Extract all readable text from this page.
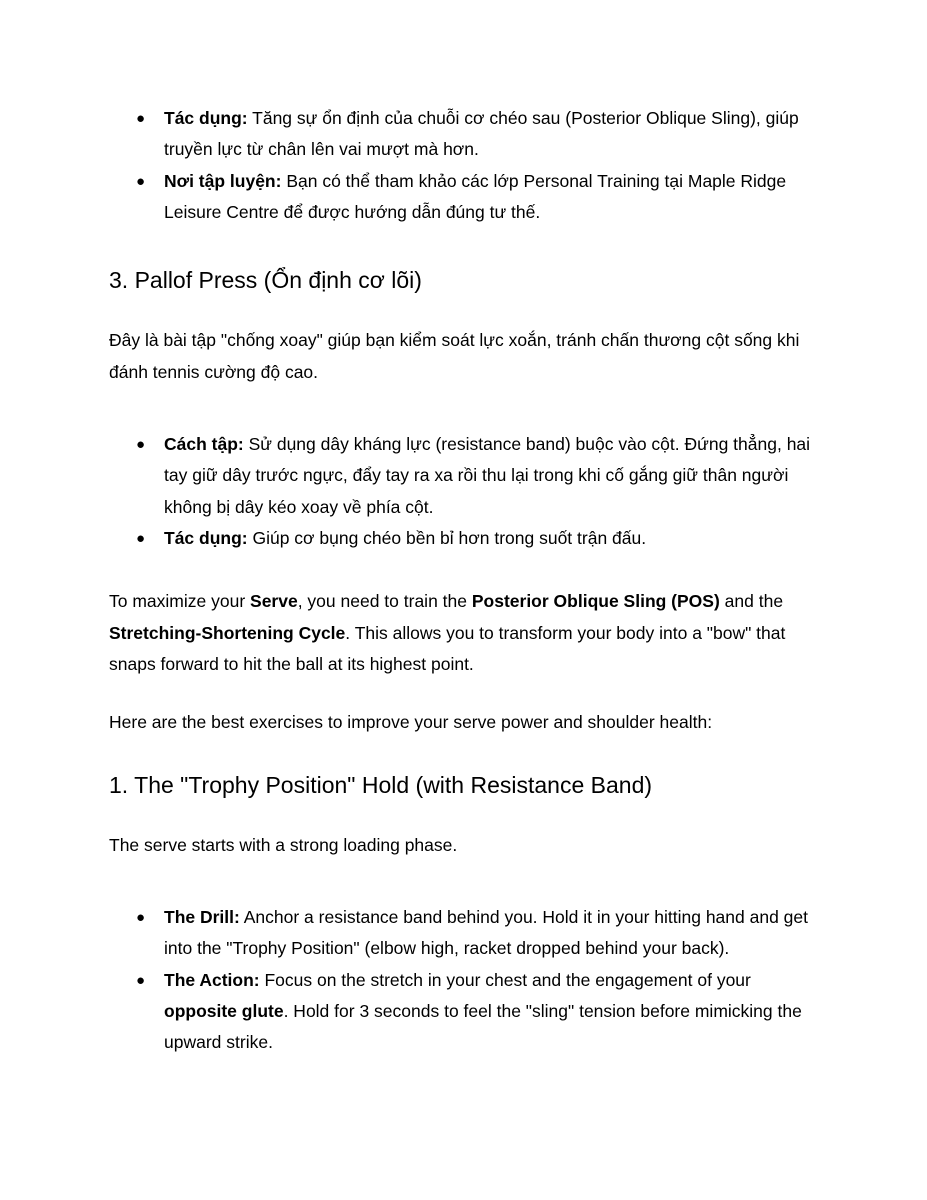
● Tác dụng: Tăng sự ổn định của chuỗi cơ chéo sau (Posterior Oblique Sling), giúp truyền lực từ chân lên vai mượt mà hơn.
● Nơi tập luyện: Bạn có thể tham khảo các lớp Personal Training tại Maple Ridge Leisure Centre để được hướng dẫn đúng tư thế.
3. Pallof Press (Ổn định cơ lõi)

Đây là bài tập "chống xoay" giúp bạn kiểm soát lực xoắn, tránh chấn thương cột sống khi đánh tennis cường độ cao.

● Cách tập: Sử dụng dây kháng lực (resistance band) buộc vào cột. Đứng thẳng, hai tay giữ dây trước ngực, đẩy tay ra xa rồi thu lại trong khi cố gắng giữ thân người không bị dây kéo xoay về phía cột.
● Tác dụng: Giúp cơ bụng chéo bền bỉ hơn trong suốt trận đấu.

To maximize your Serve, you need to train the Posterior Oblique Sling (POS) and the Stretching-Shortening Cycle. This allows you to transform your body into a "bow" that snaps forward to hit the ball at its highest point.

Here are the best exercises to improve your serve power and shoulder health:

1. The "Trophy Position" Hold (with Resistance Band)

The serve starts with a strong loading phase.

● The Drill: Anchor a resistance band behind you. Hold it in your hitting hand and get into the "Trophy Position" (elbow high, racket dropped behind your back).
● The Action: Focus on the stretch in your chest and the engagement of your opposite glute. Hold for 3 seconds to feel the "sling" tension before mimicking the upward strike.
